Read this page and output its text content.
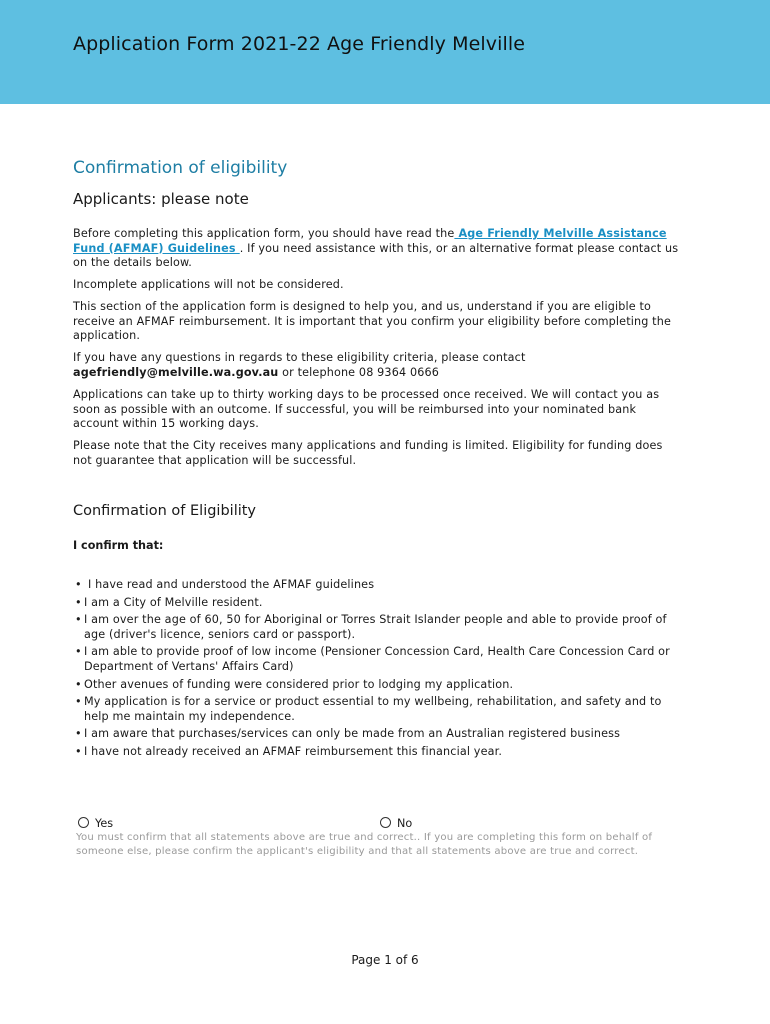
Application Form 2021-22 Age Friendly Melville
Confirmation of eligibility
Applicants: please note

Before completing this application form, you should have read the Age Friendly Melville Assistance Fund (AFMAF) Guidelines . If you need assistance with this, or an alternative format please contact us on the details below.

Incomplete applications will not be considered.

This section of the application form is designed to help you, and us, understand if you are eligible to receive an AFMAF reimbursement. It is important that you confirm your eligibility before completing the application.

If you have any questions in regards to these eligibility criteria, please contact agefriendly@melville.wa.gov.au or telephone 08 9364 0666

Applications can take up to thirty working days to be processed once received. We will contact you as soon as possible with an outcome. If successful, you will be reimbursed into your nominated bank account within 15 working days.

Please note that the City receives many applications and funding is limited. Eligibility for funding does not guarantee that application will be successful.

Confirmation of Eligibility

I confirm that:

• I have read and understood the AFMAF guidelines
• I am a City of Melville resident.
• I am over the age of 60, 50 for Aboriginal or Torres Strait Islander people and able to provide proof of age (driver's licence, seniors card or passport).
• I am able to provide proof of low income (Pensioner Concession Card, Health Care Concession Card or Department of Vertans' Affairs Card)
• Other avenues of funding were considered prior to lodging my application.
• My application is for a service or product essential to my wellbeing, rehabilitation, and safety and to help me maintain my independence.
• I am aware that purchases/services can only be made from an Australian registered business
• I have not already received an AFMAF reimbursement this financial year.
Yes	No

You must confirm that all statements above are true and correct.. If you are completing this form on behalf of someone else, please confirm the applicant's eligibility and that all statements above are true and correct.

Page 1 of 6
